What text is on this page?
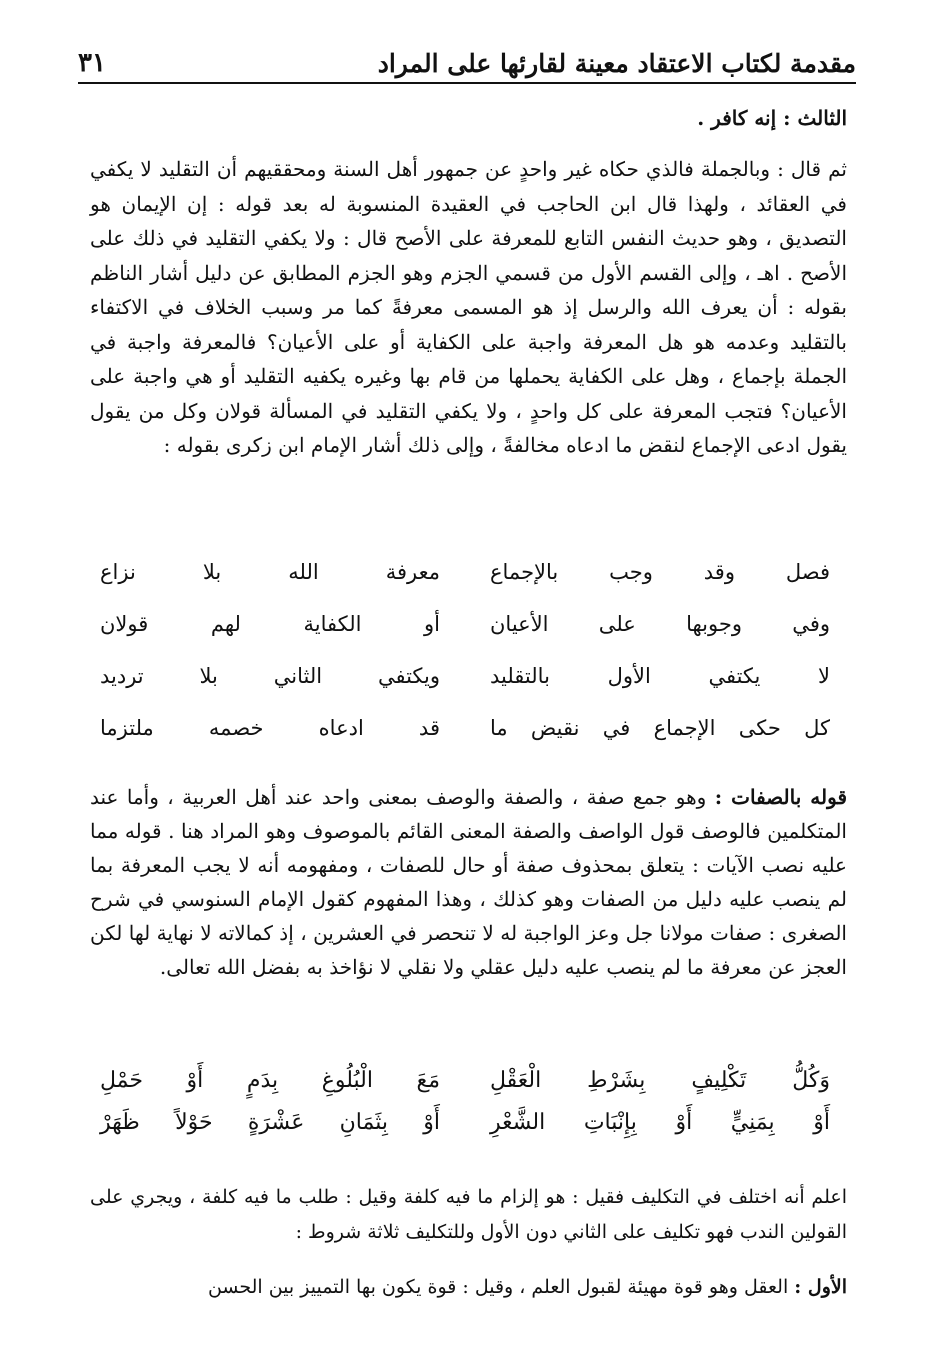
مقدمة لكتاب الاعتقاد معينة لقارئها على المراد
٣١
الثالث : إنه كافر .
ثم قال : وبالجملة فالذي حكاه غير واحدٍ عن جمهور أهل السنة ومحققيهم أن التقليد لا يكفي في العقائد ، ولهذا قال ابن الحاجب في العقيدة المنسوبة له بعد قوله : إن الإيمان هو التصديق ، وهو حديث النفس التابع للمعرفة على الأصح قال : ولا يكفي التقليد في ذلك على الأصح . اهـ ، وإلى القسم الأول من قسمي الجزم وهو الجزم المطابق عن دليل أشار الناظم بقوله : أن يعرف الله والرسل إذ هو المسمى معرفةً كما مر وسبب الخلاف في الاكتفاء بالتقليد وعدمه هو هل المعرفة واجبة على الكفاية أو على الأعيان؟ فالمعرفة واجبة في الجملة بإجماع ، وهل على الكفاية يحملها من قام بها وغيره يكفيه التقليد أو هي واجبة على الأعيان؟ فتجب المعرفة على كل واحدٍ ، ولا يكفي التقليد في المسألة قولان وكل من يقول يقول ادعى الإجماع لنقض ما ادعاه مخالفةً ، وإلى ذلك أشار الإمام ابن زكرى بقوله :
فصل وقد وجب بالإجماع
معرفة الله بلا نزاع
وفي وجوبها على الأعيان
أو الكفاية لهم قولان
لا يكتفي الأول بالتقليد
ويكتفي الثاني بلا ترديد
كل حكى الإجماع في نقيض ما
قد ادعاه خصمه ملتزما
قوله بالصفات : وهو جمع صفة ، والصفة والوصف بمعنى واحد عند أهل العربية ، وأما عند المتكلمين فالوصف قول الواصف والصفة المعنى القائم بالموصوف وهو المراد هنا . قوله مما عليه نصب الآيات : يتعلق بمحذوف صفة أو حال للصفات ، ومفهومه أنه لا يجب المعرفة بما لم ينصب عليه دليل من الصفات وهو كذلك ، وهذا المفهوم كقول الإمام السنوسي في شرح الصغرى : صفات مولانا جل وعز الواجبة له لا تنحصر في العشرين ، إذ كمالاته لا نهاية لها لكن العجز عن معرفة ما لم ينصب عليه دليل عقلي ولا نقلي لا نؤاخذ به بفضل الله تعالى.
وَكُلُّ تَكْلِيفٍ بِشَرْطِ الْعَقْلِ
مَعَ الْبُلُوغِ بِدَمٍ أَوْ حَمْلِ
أَوْ بِمَنِيٍّ أَوْ بِإِنْبَاتِ الشَّعْرِ
أَوْ بِثَمَانِ عَشْرَةٍ حَوْلاً ظَهَرْ
اعلم أنه اختلف في التكليف فقيل : هو إلزام ما فيه كلفة وقيل : طلب ما فيه كلفة ، ويجري على القولين الندب فهو تكليف على الثاني دون الأول وللتكليف ثلاثة شروط :
الأول : العقل وهو قوة مهيئة لقبول العلم ، وقيل : قوة يكون بها التمييز بين الحسن
